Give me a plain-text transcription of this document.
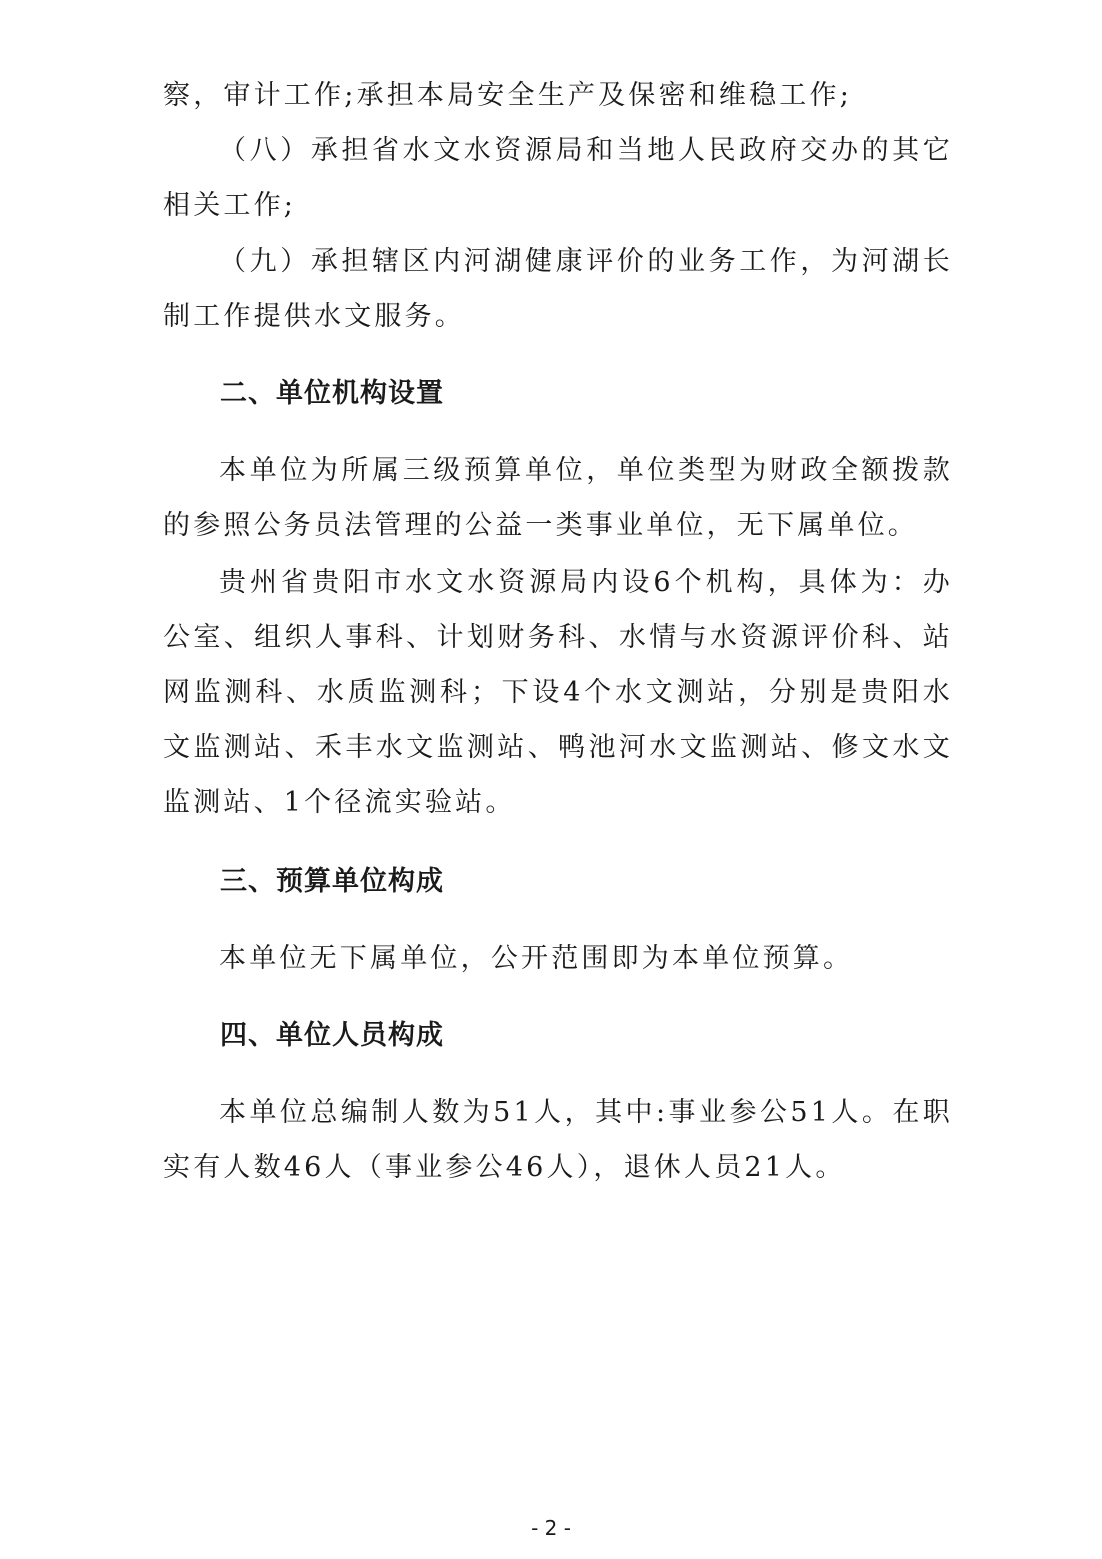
察，审计工作;承担本局安全生产及保密和维稳工作;

（八）承担省水文水资源局和当地人民政府交办的其它相关工作;

（九）承担辖区内河湖健康评价的业务工作，为河湖长制工作提供水文服务。

二、单位机构设置

本单位为所属三级预算单位，单位类型为财政全额拨款的参照公务员法管理的公益一类事业单位，无下属单位。

贵州省贵阳市水文水资源局内设6个机构，具体为：办公室、组织人事科、计划财务科、水情与水资源评价科、站网监测科、水质监测科；下设4个水文测站，分别是贵阳水文监测站、禾丰水文监测站、鸭池河水文监测站、修文水文监测站、1个径流实验站。

三、预算单位构成

本单位无下属单位，公开范围即为本单位预算。

四、单位人员构成

本单位总编制人数为51人，其中:事业参公51人。在职实有人数46人（事业参公46人），退休人员21人。

- 2 -
